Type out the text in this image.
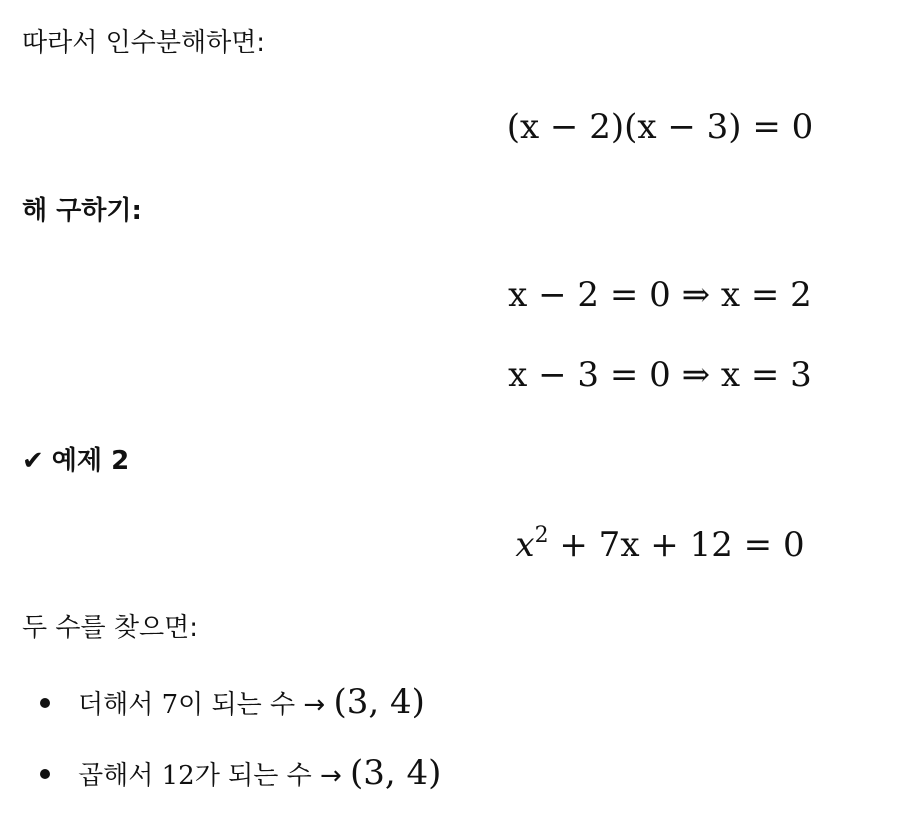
따라서 인수분해하면:
(x − 2)(x − 3) = 0
해 구하기:
x − 2 = 0 ⇒ x = 2
x − 3 = 0 ⇒ x = 3
✔ 예제 2
$x^2 + 7x + 12 = 0$
두 수를 찾으면:
더해서 7이 되는 수 → (3, 4)
곱해서 12가 되는 수 → (3, 4)
